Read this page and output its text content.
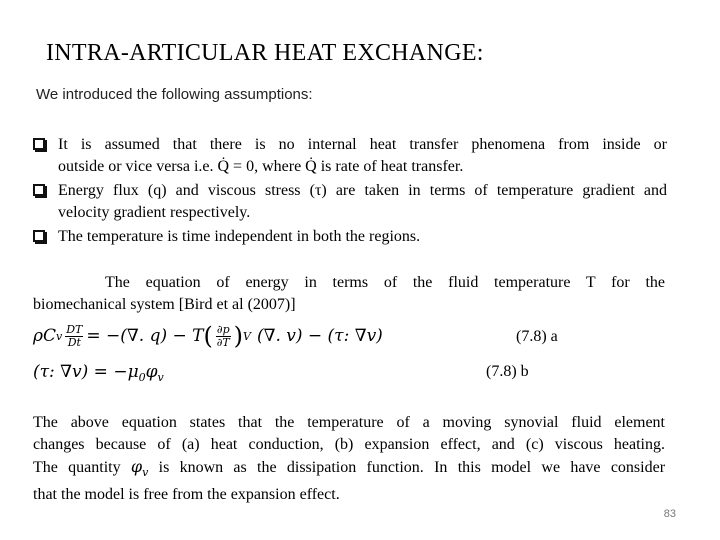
INTRA-ARTICULAR HEAT EXCHANGE:
We introduced the following assumptions:
It is assumed that there is no internal heat transfer phenomena from inside or
outside or vice versa i.e. Q̇ = 0, where Q̇ is rate of heat transfer.
Energy flux (q) and viscous stress (τ) are taken in terms of temperature gradient and
velocity gradient respectively.
The temperature is time independent in both the regions.
The equation of energy in terms of the fluid temperature T for the
biomechanical system [Bird et al (2007)]
ρC v $\frac{DT}{Dt}$ = −(∇. q) − T ( $\frac{\partial p}{\partial T}$ ) V (∇. v) − (τ: ∇v)	(7.8) a
(τ: $\nabla v) = -\mu_0\varphi_v$	(7.8) b
The above equation states that the temperature of a moving synovial fluid element
changes because of (a) heat conduction, (b) expansion effect, and (c) viscous heating.
The quantity $\varphi_v$ is known as the dissipation function. In this model we have consider
that the model is free from the expansion effect.
83
